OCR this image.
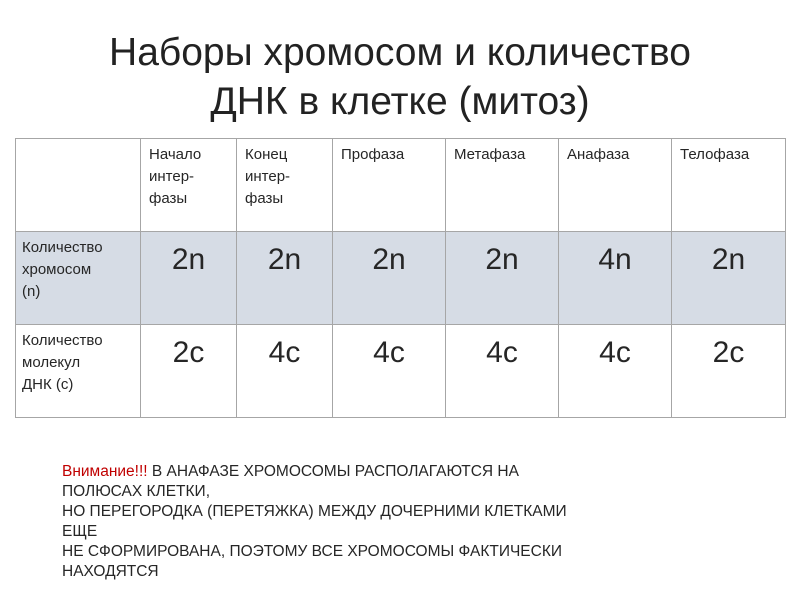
Наборы хромосом и количество
ДНК в клетке (митоз)

	Начало
интер-
фазы	Конец
интер-
фазы	Профаза	Метафаза	Анафаза	Телофаза

Количество
хромосом
(n)	2n	2n	2n	2n	4n	2n

Количество
молекул
ДНК (с)	2c	4c	4c	4c	4c	2c

Внимание!!! В АНАФАЗЕ ХРОМОСОМЫ РАСПОЛАГАЮТСЯ НА
ПОЛЮСАХ КЛЕТКИ,
НО ПЕРЕГОРОДКА (ПЕРЕТЯЖКА) МЕЖДУ ДОЧЕРНИМИ КЛЕТКАМИ
ЕЩЕ
НЕ СФОРМИРОВАНА, ПОЭТОМУ ВСЕ ХРОМОСОМЫ ФАКТИЧЕСКИ
НАХОДЯТСЯ
